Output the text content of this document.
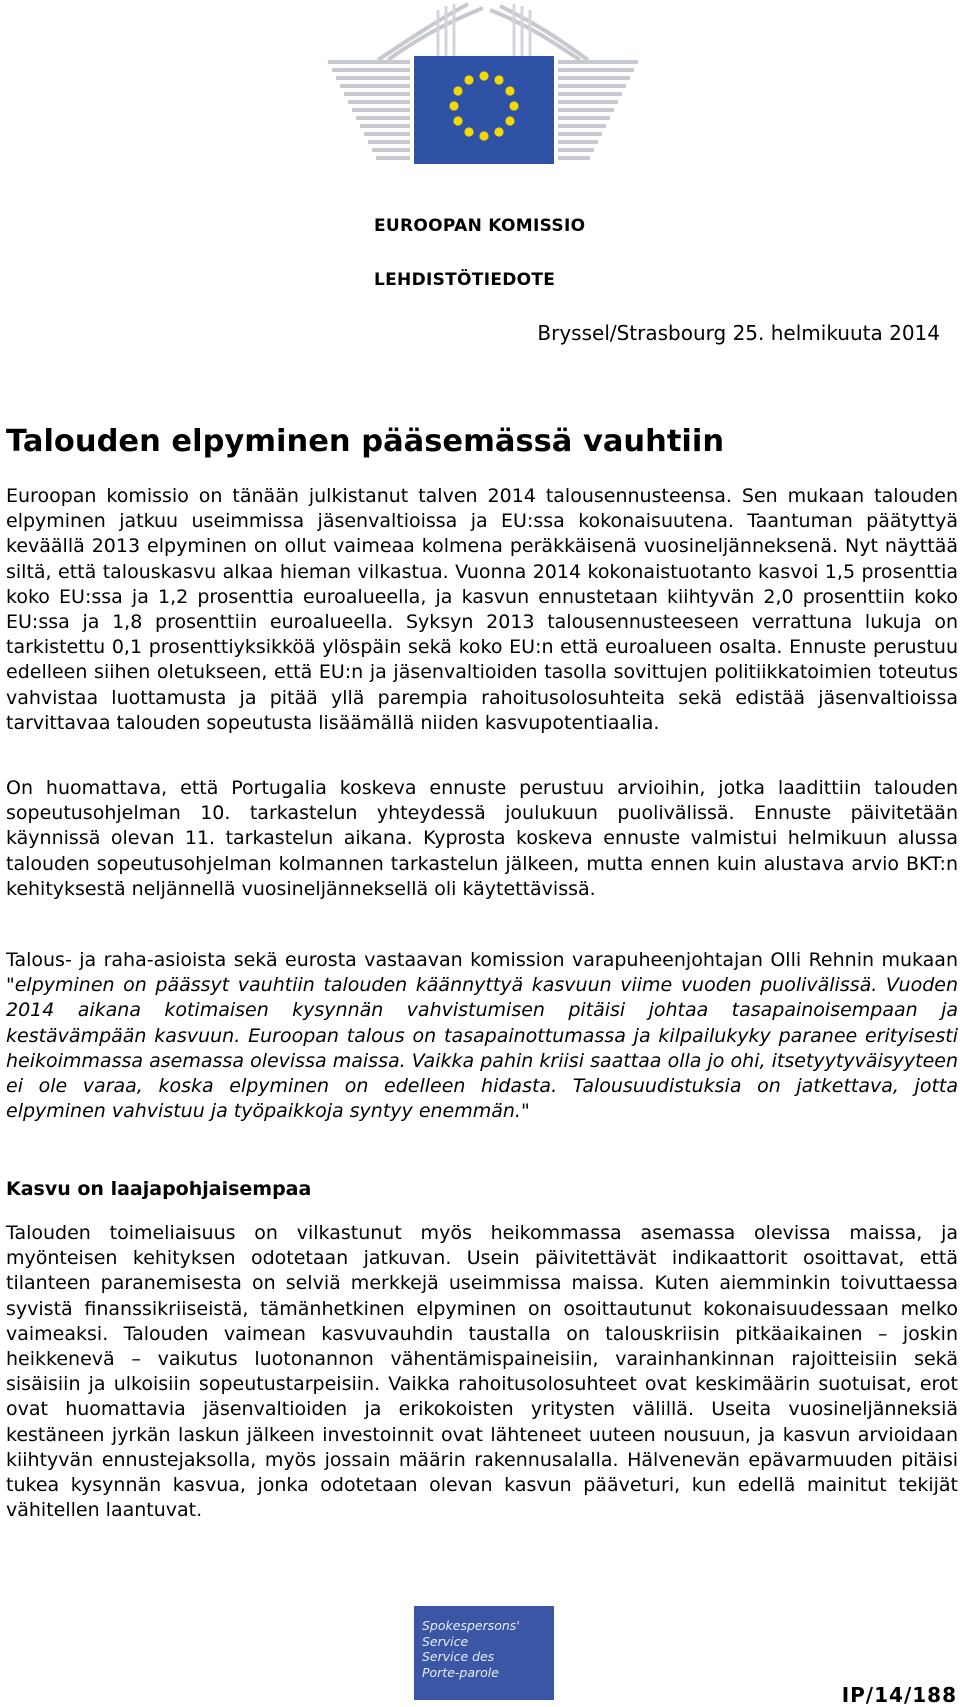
EUROOPAN KOMISSIO
LEHDISTÖTIEDOTE
Bryssel/Strasbourg 25. helmikuuta 2014
Talouden elpyminen pääsemässä vauhtiin

Euroopan komissio on tänään julkistanut talven 2014 talousennusteensa. Sen mukaan talouden elpyminen jatkuu useimmissa jäsenvaltioissa ja EU:ssa kokonaisuutena. Taantuman päätyttyä keväällä 2013 elpyminen on ollut vaimeaa kolmena peräkkäisenä vuosineljänneksenä. Nyt näyttää siltä, että talouskasvu alkaa hieman vilkastua. Vuonna 2014 kokonaistuotanto kasvoi 1,5 prosenttia koko EU:ssa ja 1,2 prosenttia euroalueella, ja kasvun ennustetaan kiihtyvän 2,0 prosenttiin koko EU:ssa ja 1,8 prosenttiin euroalueella. Syksyn 2013 talousennusteeseen verrattuna lukuja on tarkistettu 0,1 prosenttiyksikköä ylöspäin sekä koko EU:n että euroalueen osalta. Ennuste perustuu edelleen siihen oletukseen, että EU:n ja jäsenvaltioiden tasolla sovittujen politiikkatoimien toteutus vahvistaa luottamusta ja pitää yllä parempia rahoitusolosuhteita sekä edistää jäsenvaltioissa tarvittavaa talouden sopeutusta lisäämällä niiden kasvupotentiaalia.

On huomattava, että Portugalia koskeva ennuste perustuu arvioihin, jotka laadittiin talouden sopeutusohjelman 10. tarkastelun yhteydessä joulukuun puolivälissä. Ennuste päivitetään käynnissä olevan 11. tarkastelun aikana. Kyprosta koskeva ennuste valmistui helmikuun alussa talouden sopeutusohjelman kolmannen tarkastelun jälkeen, mutta ennen kuin alustava arvio BKT:n kehityksestä neljännellä vuosineljänneksellä oli käytettävissä.

Talous- ja raha-asioista sekä eurosta vastaavan komission varapuheenjohtajan Olli Rehnin mukaan "elpyminen on päässyt vauhtiin talouden käännyttyä kasvuun viime vuoden puolivälissä. Vuoden 2014 aikana kotimaisen kysynnän vahvistumisen pitäisi johtaa tasapainoisempaan ja kestävämpään kasvuun. Euroopan talous on tasapainottumassa ja kilpailukyky paranee erityisesti heikoimmassa asemassa olevissa maissa. Vaikka pahin kriisi saattaa olla jo ohi, itsetyytyväisyyteen ei ole varaa, koska elpyminen on edelleen hidasta. Talousuudistuksia on jatkettava, jotta elpyminen vahvistuu ja työpaikkoja syntyy enemmän."

Kasvu on laajapohjaisempaa

Talouden toimeliaisuus on vilkastunut myös heikommassa asemassa olevissa maissa, ja myönteisen kehityksen odotetaan jatkuvan. Usein päivitettävät indikaattorit osoittavat, että tilanteen paranemisesta on selviä merkkejä useimmissa maissa. Kuten aiemminkin toivuttaessa syvistä finanssikriiseistä, tämänhetkinen elpyminen on osoittautunut kokonaisuudessaan melko vaimeaksi. Talouden vaimean kasvuvauhdin taustalla on talouskriisin pitkäaikainen – joskin heikkenevä – vaikutus luotonannon vähentämispaineisiin, varainhankinnan rajoitteisiin sekä sisäisiin ja ulkoisiin sopeutustarpeisiin. Vaikka rahoitusolosuhteet ovat keskimäärin suotuisat, erot ovat huomattavia jäsenvaltioiden ja erikokoisten yritysten välillä. Useita vuosineljänneksiä kestäneen jyrkän laskun jälkeen investoinnit ovat lähteneet uuteen nousuun, ja kasvun arvioidaan kiihtyvän ennustejaksolla, myös jossain määrin rakennusalalla. Hälvenevän epävarmuuden pitäisi tukea kysynnän kasvua, jonka odotetaan olevan kasvun pääveturi, kun edellä mainitut tekijät vähitellen laantuvat.

Spokespersons'
Service
Service des
Porte-parole
IP/14/188
